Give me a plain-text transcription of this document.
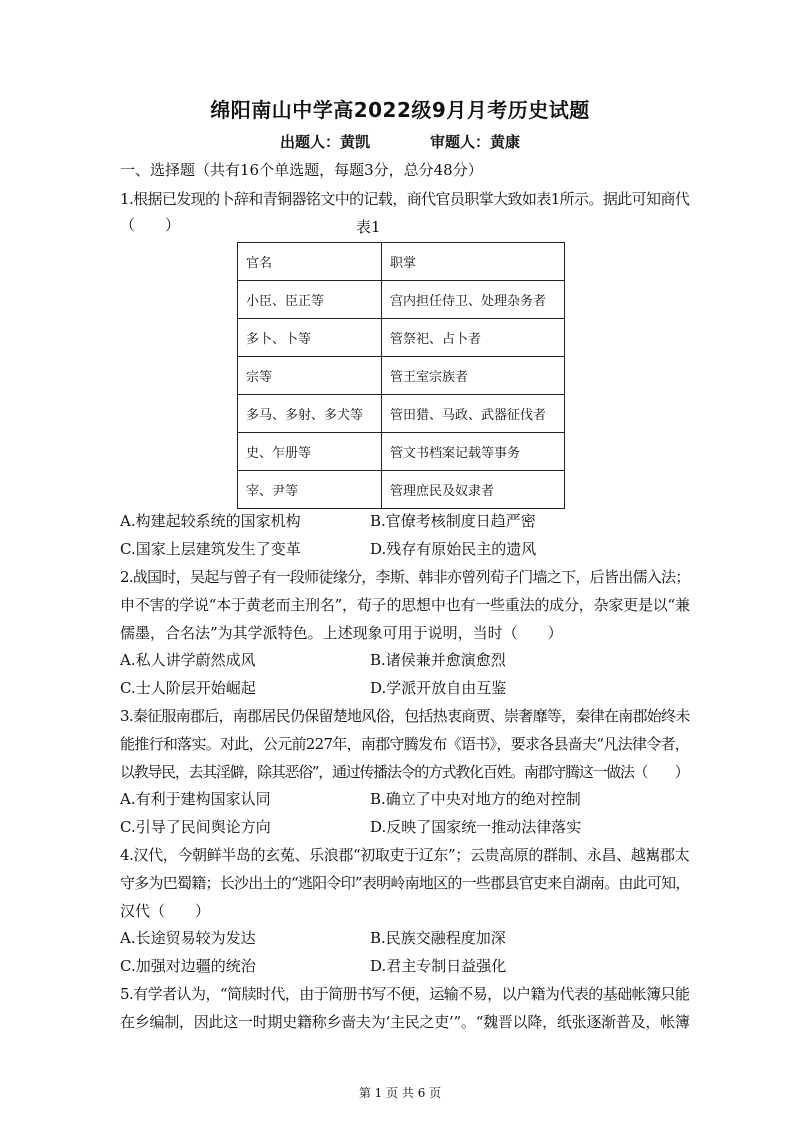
绵阳南山中学高2022级9月月考历史试题
出题人：黄凯	审题人：黄康
一、选择题（共有16个单选题，每题3分，总分48分）
1.根据已发现的卜辞和青铜器铭文中的记载，商代官员职掌大致如表1所示。据此可知商代
（　　）	表1
官名	职掌
小臣、臣正等	宫内担任侍卫、处理杂务者
多卜、卜等	管祭祀、占卜者
宗等	管王室宗族者
多马、多射、多犬等	管田猎、马政、武器征伐者
史、乍册等	管文书档案记载等事务
宰、尹等	管理庶民及奴隶者
A.构建起较系统的国家机构	B.官僚考核制度日趋严密
C.国家上层建筑发生了变革	D.残存有原始民主的遗风
2.战国时，吴起与曾子有一段师徒缘分，李斯、韩非亦曾列荀子门墙之下，后皆出儒入法；
申不害的学说“本于黄老而主刑名”，荀子的思想中也有一些重法的成分，杂家更是以“兼
儒墨，合名法”为其学派特色。上述现象可用于说明，当时（　　）
A.私人讲学蔚然成风	B.诸侯兼并愈演愈烈
C.士人阶层开始崛起	D.学派开放自由互鉴
3.秦征服南郡后，南郡居民仍保留楚地风俗，包括热衷商贾、崇奢靡等，秦律在南郡始终未
能推行和落实。对此，公元前227年，南郡守腾发布《语书》，要求各县啬夫“凡法律令者，
以教导民，去其淫僻，除其恶俗”，通过传播法令的方式教化百姓。南郡守腾这一做法（　　）
A.有利于建构国家认同	B.确立了中央对地方的绝对控制
C.引导了民间舆论方向	D.反映了国家统一推动法律落实
4.汉代，今朝鲜半岛的玄菟、乐浪郡“初取吏于辽东”；云贵高原的群制、永昌、越嶲郡太
守多为巴蜀籍；长沙出土的“逃阳令印”表明岭南地区的一些郡县官吏来自湖南。由此可知，
汉代（　　）
A.长途贸易较为发达	B.民族交融程度加深
C.加强对边疆的统治	D.君主专制日益强化
5.有学者认为，“简牍时代，由于简册书写不便，运输不易，以户籍为代表的基础帐簿只能
在乡编制，因此这一时期史籍称乡啬夫为‘主民之吏’”。“魏晋以降，纸张逐渐普及，帐簿
第 1 页 共 6 页
